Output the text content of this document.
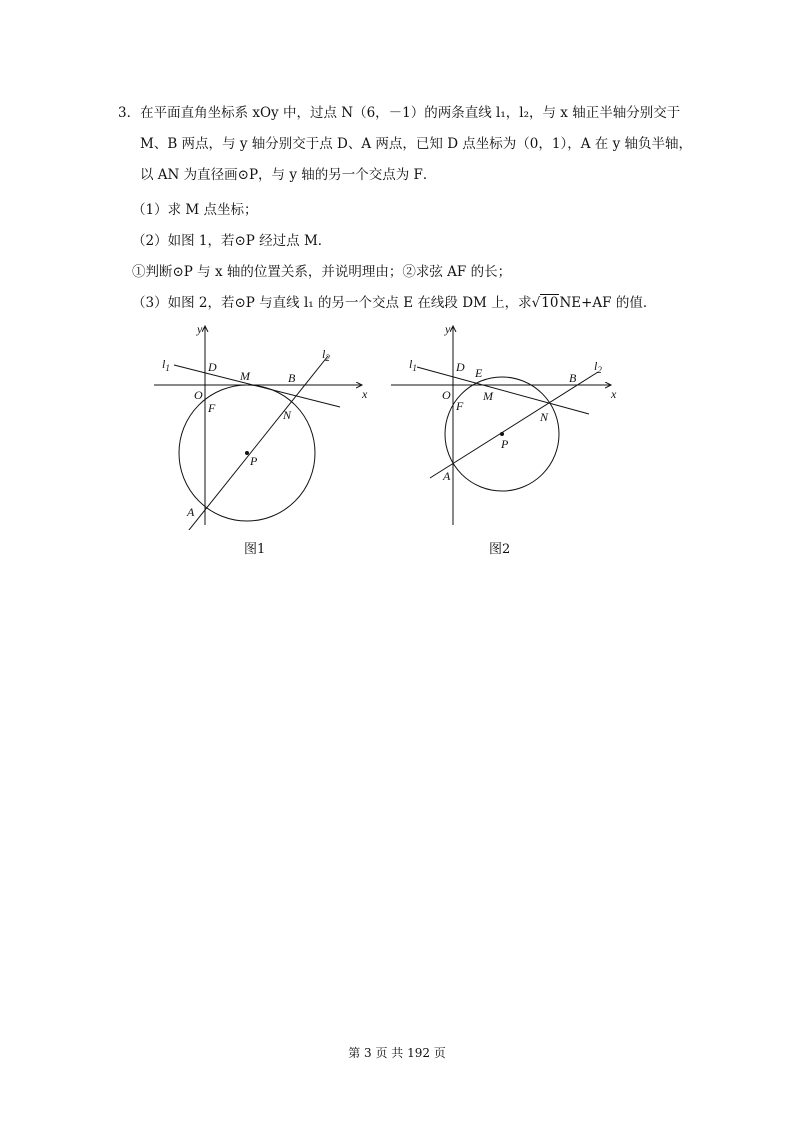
3．在平面直角坐标系 xOy 中，过点 N（6，－1）的两条直线 l₁，l₂，与 x 轴正半轴分别交于
M、B 两点，与 y 轴分别交于点 D、A 两点，已知 D 点坐标为（0，1），A 在 y 轴负半轴，
以 AN 为直径画⊙P，与 y 轴的另一个交点为 F．
（1）求 M 点坐标；
（2）如图 1，若⊙P 经过点 M．
①判断⊙P 与 x 轴的位置关系，并说明理由；②求弦 AF 的长；
（3）如图 2，若⊙P 与直线 l₁ 的另一个交点 E 在线段 DM 上，求√10NE+AF 的值．
y
x
$l_1$
$l_2$
D
O
F
M	B
N
P
A
图1
y
x
$l_1$	$l_2$
D E
O
F
M
B
N
P
A
图2
第 3 页 共 192 页
